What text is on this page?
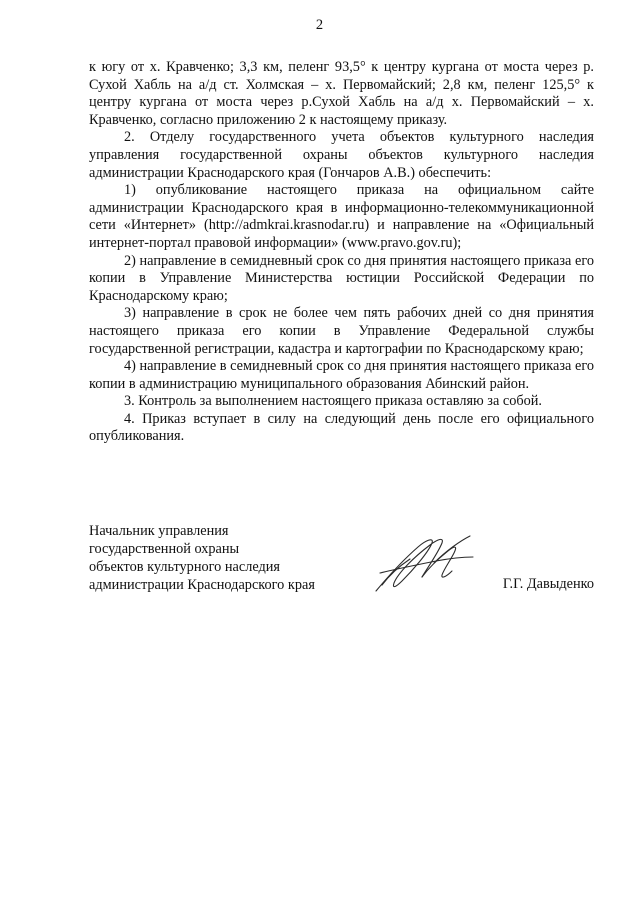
2

к югу от х. Кравченко; 3,3 км, пеленг 93,5° к центру кургана от моста через р. Сухой Хабль на а/д ст. Холмская – х. Первомайский; 2,8 км, пеленг 125,5° к центру кургана от моста через р.Сухой Хабль на а/д х. Первомайский – х. Кравченко, согласно приложению 2 к настоящему приказу.

2. Отделу государственного учета объектов культурного наследия управления государственной охраны объектов культурного наследия администрации Краснодарского края (Гончаров А.В.) обеспечить:

1) опубликование настоящего приказа на официальном сайте администрации Краснодарского края в информационно-телекоммуникационной сети «Интернет» (http://admkrai.krasnodar.ru) и направление на «Официальный интернет-портал правовой информации» (www.pravo.gov.ru);

2) направление в семидневный срок со дня принятия настоящего приказа его копии в Управление Министерства юстиции Российской Федерации по Краснодарскому краю;

3) направление в срок не более чем пять рабочих дней со дня принятия настоящего приказа его копии в Управление Федеральной службы государственной регистрации, кадастра и картографии по Краснодарскому краю;

4) направление в семидневный срок со дня принятия настоящего приказа его копии в администрацию муниципального образования Абинский район.

3. Контроль за выполнением настоящего приказа оставляю за собой.

4. Приказ вступает в силу на следующий день после его официального опубликования.

Начальник управления
государственной охраны
объектов культурного наследия
администрации Краснодарского края	Г.Г. Давыденко
